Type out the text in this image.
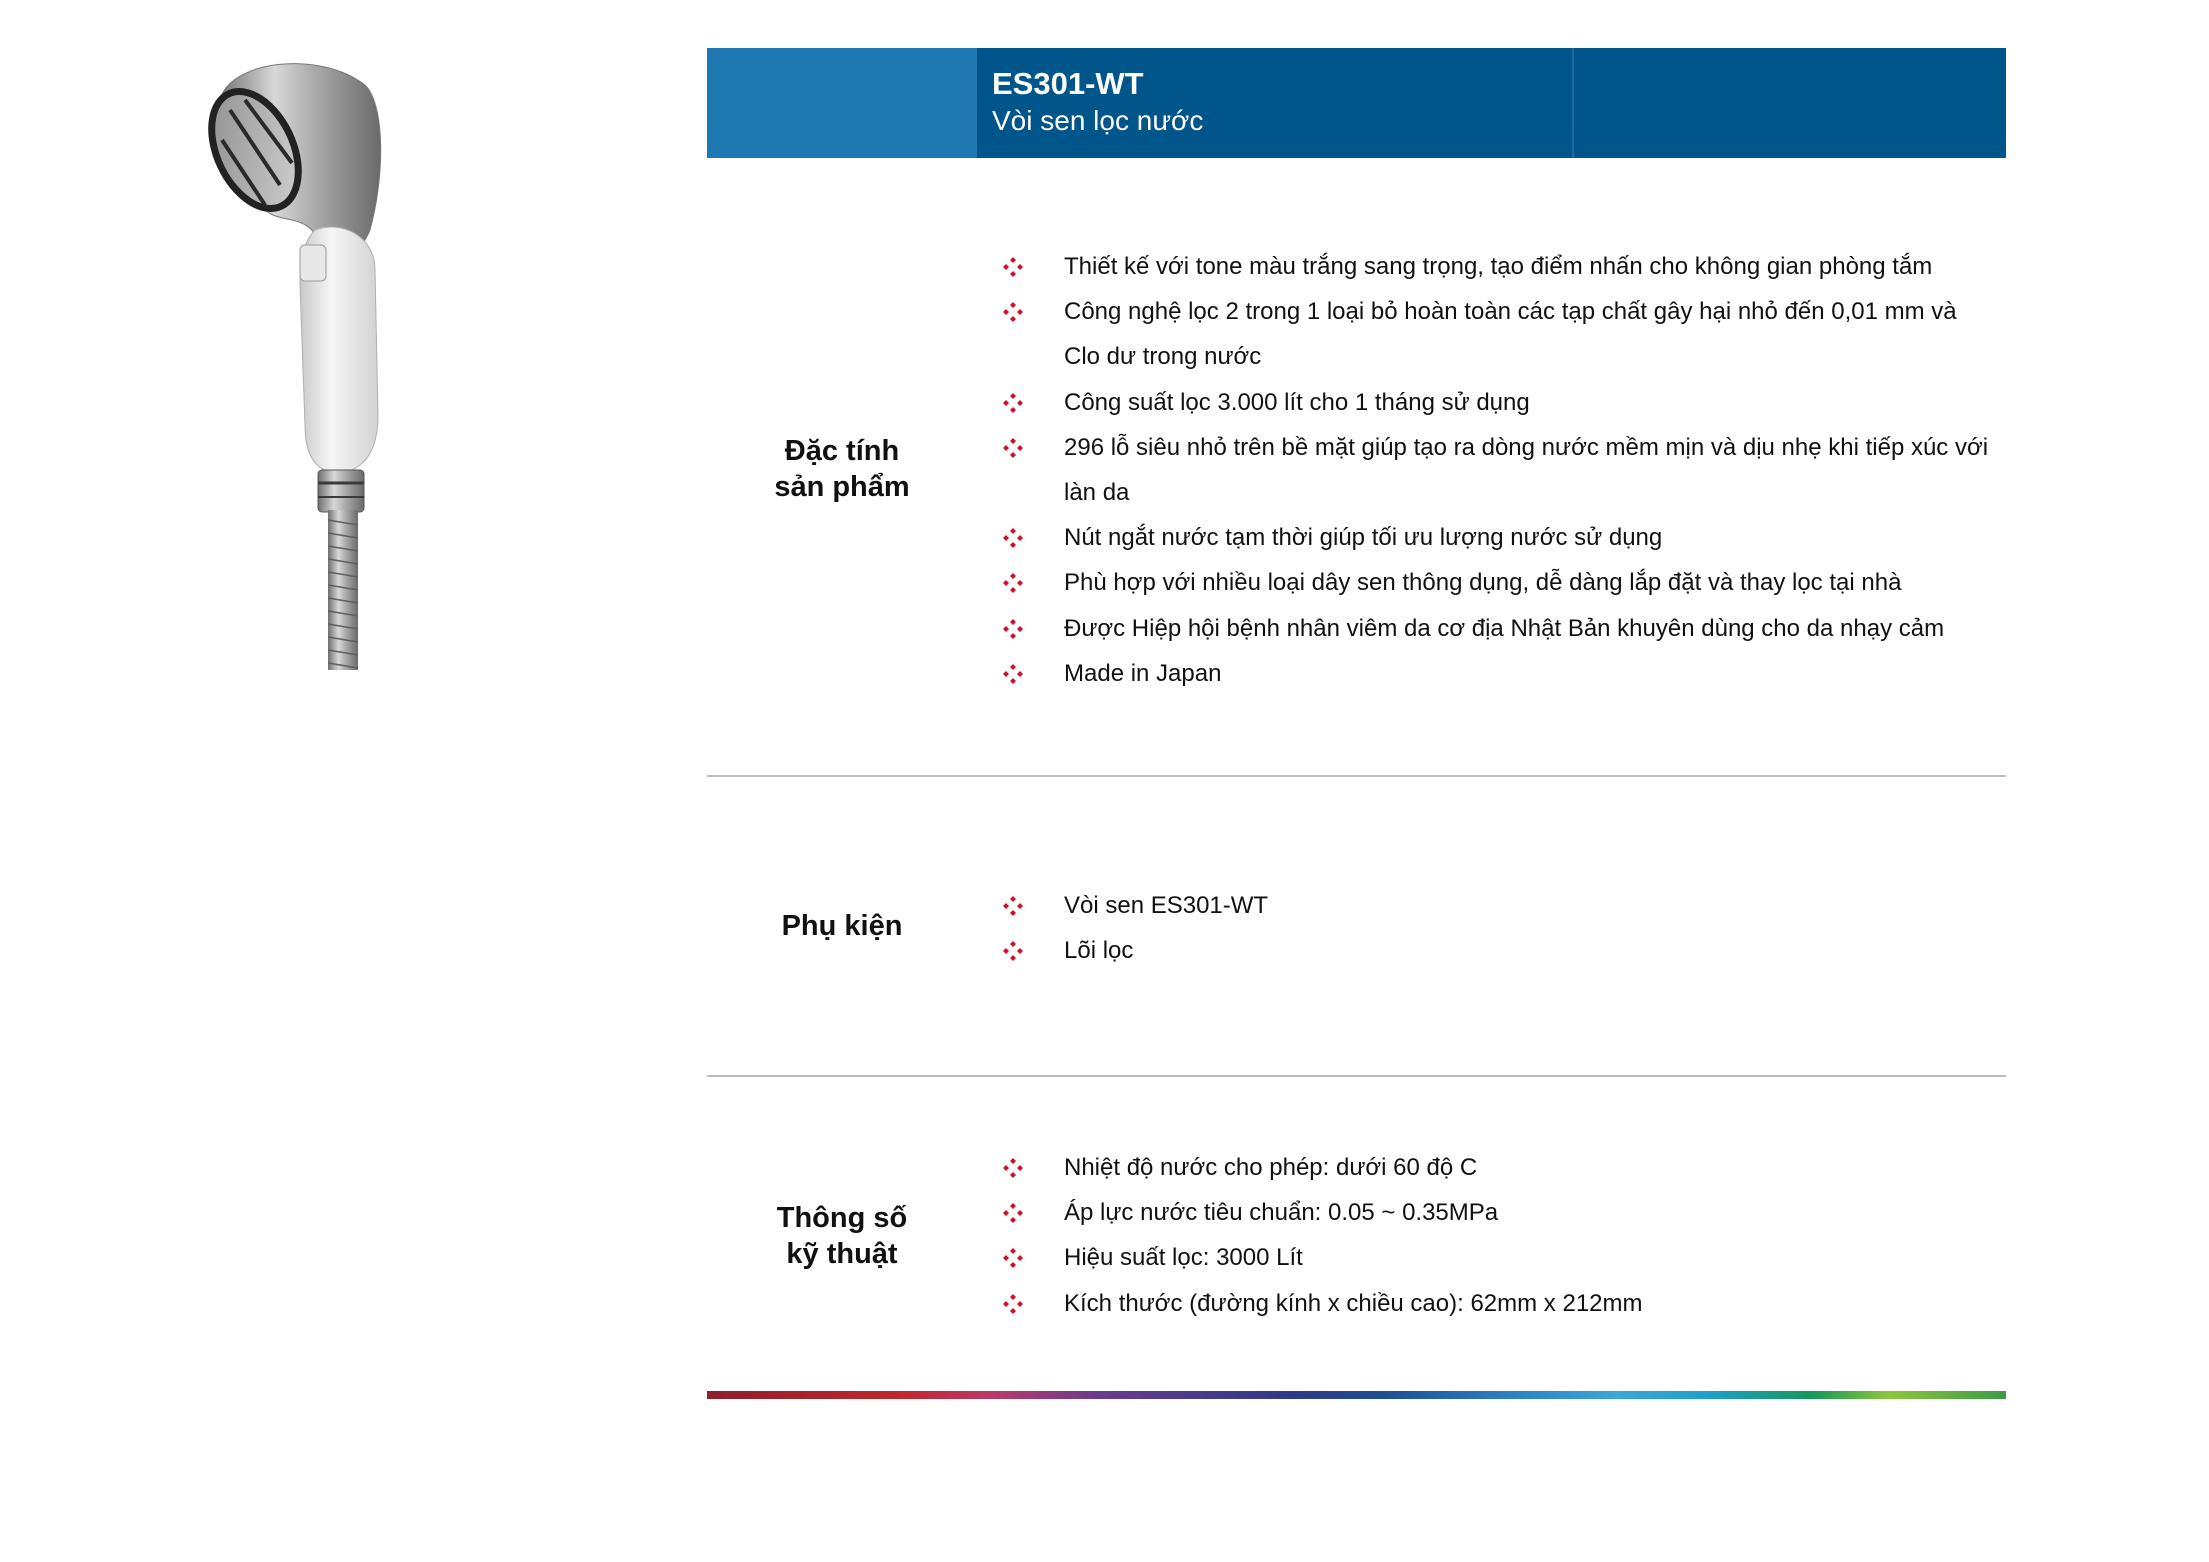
ES301-WT
Vòi sen lọc nước
Đặc tính
sản phẩm
Thiết kế với tone màu trắng sang trọng, tạo điểm nhấn cho không gian phòng tắm
Công nghệ lọc 2 trong 1 loại bỏ hoàn toàn các tạp chất gây hại nhỏ đến 0,01 mm và Clo dư trong nước
Công suất lọc 3.000 lít cho 1 tháng sử dụng
296 lỗ siêu nhỏ trên bề mặt giúp tạo ra dòng nước mềm mịn và dịu nhẹ khi tiếp xúc với làn da
Nút ngắt nước tạm thời giúp tối ưu lượng nước sử dụng
Phù hợp với nhiều loại dây sen thông dụng, dễ dàng lắp đặt và thay lọc tại nhà
Được Hiệp hội bệnh nhân viêm da cơ địa Nhật Bản khuyên dùng cho da nhạy cảm
Made in Japan
Phụ kiện
Vòi sen ES301-WT
Lõi lọc
Thông số
kỹ thuật
Nhiệt độ nước cho phép: dưới 60 độ C
Áp lực nước tiêu chuẩn: 0.05 ~ 0.35MPa
Hiệu suất lọc: 3000 Lít
Kích thước (đường kính x chiều cao): 62mm x 212mm
